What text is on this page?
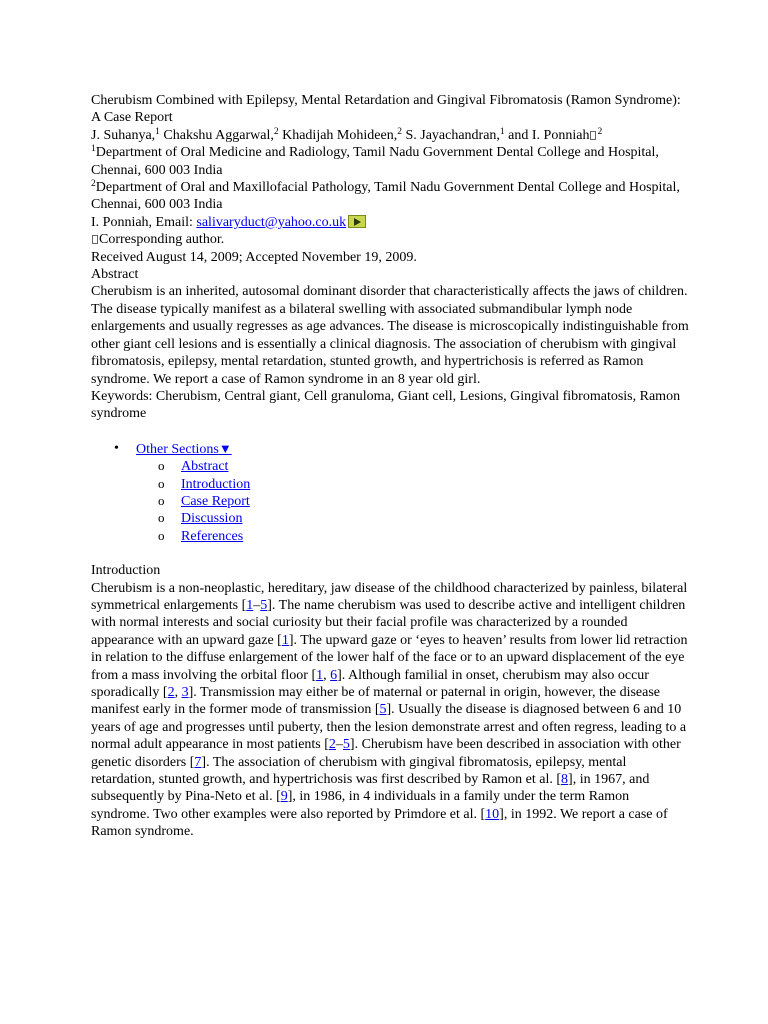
Cherubism Combined with Epilepsy, Mental Retardation and Gingival Fibromatosis (Ramon Syndrome): A Case Report

J. Suhanya,$^1$ Chakshu Aggarwal,$^2$ Khadijah Mohideen,$^2$ S. Jayachandran,$^1$ and I. Ponniah $^2$

$^1$Department of Oral Medicine and Radiology, Tamil Nadu Government Dental College and Hospital, Chennai, 600 003 India

$^2$Department of Oral and Maxillofacial Pathology, Tamil Nadu Government Dental College and Hospital, Chennai, 600 003 India

I. Ponniah, Email: salivaryduct@yahoo.co.uk

Corresponding author.

Received August 14, 2009; Accepted November 19, 2009.

Abstract

Cherubism is an inherited, autosomal dominant disorder that characteristically affects the jaws of children. The disease typically manifest as a bilateral swelling with associated submandibular lymph node enlargements and usually regresses as age advances. The disease is microscopically indistinguishable from other giant cell lesions and is essentially a clinical diagnosis. The association of cherubism with gingival fibromatosis, epilepsy, mental retardation, stunted growth, and hypertrichosis is referred as Ramon syndrome. We report a case of Ramon syndrome in an 8 year old girl.

Keywords: Cherubism, Central giant, Cell granuloma, Giant cell, Lesions, Gingival fibromatosis, Ramon syndrome

• Other Sections▼
o Abstract
o Introduction
o Case Report
o Discussion
o References

Introduction

Cherubism is a non-neoplastic, hereditary, jaw disease of the childhood characterized by painless, bilateral symmetrical enlargements [1–5]. The name cherubism was used to describe active and intelligent children with normal interests and social curiosity but their facial profile was characterized by a rounded appearance with an upward gaze [1]. The upward gaze or ‘eyes to heaven’ results from lower lid retraction in relation to the diffuse enlargement of the lower half of the face or to an upward displacement of the eye from a mass involving the orbital floor [1, 6]. Although familial in onset, cherubism may also occur sporadically [2, 3]. Transmission may either be of maternal or paternal in origin, however, the disease manifest early in the former mode of transmission [5]. Usually the disease is diagnosed between 6 and 10 years of age and progresses until puberty, then the lesion demonstrate arrest and often regress, leading to a normal adult appearance in most patients [2–5]. Cherubism have been described in association with other genetic disorders [7]. The association of cherubism with gingival fibromatosis, epilepsy, mental retardation, stunted growth, and hypertrichosis was first described by Ramon et al. [8], in 1967, and subsequently by Pina-Neto et al. [9], in 1986, in 4 individuals in a family under the term Ramon syndrome. Two other examples were also reported by Primdore et al. [10], in 1992. We report a case of Ramon syndrome.
